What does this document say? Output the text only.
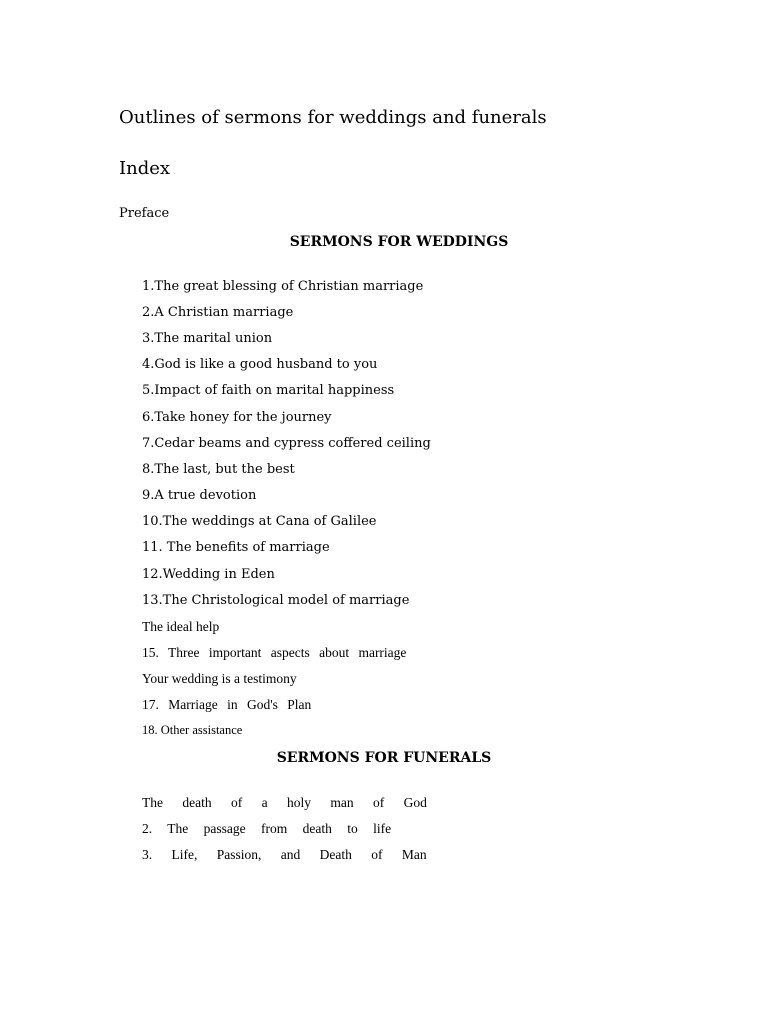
Outlines of sermons for weddings and funerals
Index
Preface
SERMONS FOR WEDDINGS
1.The great blessing of Christian marriage
2.A Christian marriage
3.The marital union
4.God is like a good husband to you
5.Impact of faith on marital happiness
6.Take honey for the journey
7.Cedar beams and cypress coffered ceiling
8.The last, but the best
9.A true devotion
10.The weddings at Cana of Galilee
11. The benefits of marriage
12.Wedding in Eden
13.The Christological model of marriage
The ideal help
15. Three important aspects about marriage
Your wedding is a testimony
17. Marriage in God's Plan
18. Other assistance
SERMONS FOR FUNERALS
The death of a holy man of God
2. The passage from death to life
3. Life, Passion, and Death of Man
